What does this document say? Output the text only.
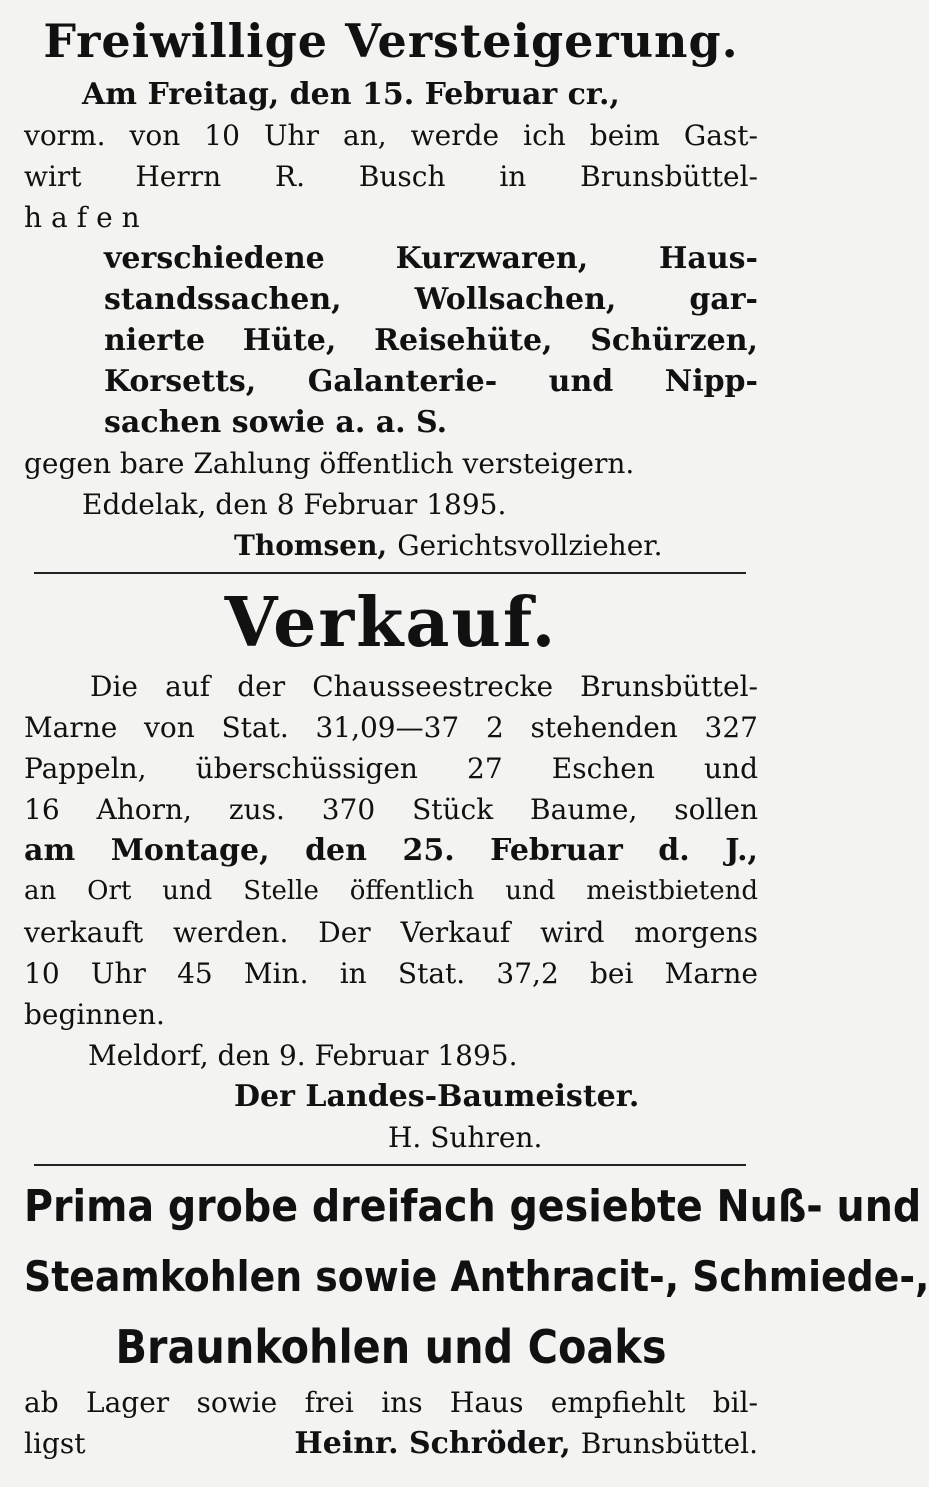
Freiwillige Versteigerung.
Am Freitag, den 15. Februar cr.,
vorm. von 10 Uhr an, werde ich beim Gast-
wirt Herrn R. Busch in Brunsbüttel-
hafen
verschiedene Kurzwaren, Haus-
standssachen, Wollsachen, gar-
nierte Hüte, Reisehüte, Schürzen,
Korsetts, Galanterie- und Nipp-
sachen sowie a. a. S.
gegen bare Zahlung öffentlich versteigern.
Eddelak, den 8 Februar 1895.
Thomsen, Gerichtsvollzieher.
Verkauf.
Die auf der Chausseestrecke Brunsbüttel-
Marne von Stat. 31,09—37 2 stehenden 327
Pappeln, überschüssigen 27 Eschen und
16 Ahorn, zus. 370 Stück Baume, sollen
am Montage, den 25. Februar d. J.,
an Ort und Stelle öffentlich und meistbietend
verkauft werden. Der Verkauf wird morgens
10 Uhr 45 Min. in Stat. 37,2 bei Marne
beginnen.
Meldorf, den 9. Februar 1895.
Der Landes-Baumeister.
H. Suhren.
Prima grobe dreifach gesiebte Nuß- und
Steamkohlen sowie Anthracit-, Schmiede-,
Braunkohlen und Coaks
ab Lager sowie frei ins Haus empfiehlt bil-
ligst	Heinr. Schröder, Brunsbüttel.
